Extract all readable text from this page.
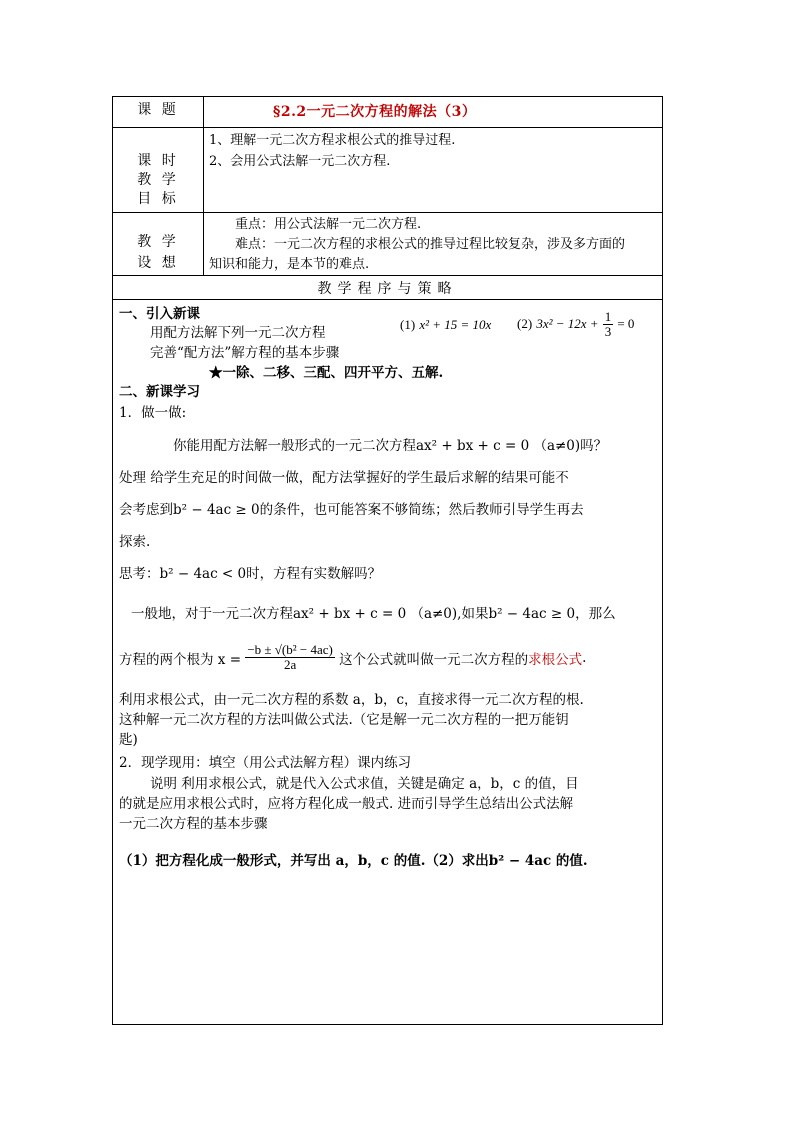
课 题	§2.2一元二次方程的解法（3）
课 时
教 学
目 标
1、理解一元二次方程求根公式的推导过程.
2、会用公式法解一元二次方程.
教 学
设 想
重点：用公式法解一元二次方程.
难点：一元二次方程的求根公式的推导过程比较复杂，涉及多方面的
知识和能力，是本节的难点.
教学程序与策略
一、引入新课
用配方法解下列一元二次方程
(1) x² + 15 = 10x (2) $3x^2 - 12x + \frac{1}{3} = 0$
完善“配方法”解方程的基本步骤
★一除、二移、三配、四开平方、五解.
二、新课学习
1．做一做:
你能用配方法解一般形式的一元二次方程ax² + bx + c = 0 （a≠0)吗？
处理 给学生充足的时间做一做，配方法掌握好的学生最后求解的结果可能不
会考虑到b² − 4ac ≥ 0的条件，也可能答案不够简练；然后教师引导学生再去
探索.
思考：b² − 4ac < 0时，方程有实数解吗？
一般地，对于一元二次方程ax² + bx + c = 0 （a≠0),如果b² − 4ac ≥ 0，那么
方程的两个根为 $x = \frac{\text{−b ± √(b² − 4ac)}}{2a}$ 这个公式就叫做一元二次方程的求根公式.
利用求根公式，由一元二次方程的系数 a，b，c，直接求得一元二次方程的根.
这种解一元二次方程的方法叫做公式法.（它是解一元二次方程的一把万能钥
匙)
2．现学现用：填空（用公式法解方程）课内练习
说明 利用求根公式，就是代入公式求值，关键是确定 a，b，c 的值，目
的就是应用求根公式时，应将方程化成一般式. 进而引导学生总结出公式法解
一元二次方程的基本步骤
（1）把方程化成一般形式，并写出 a，b，c 的值.（2）求出b² − 4ac 的值.
